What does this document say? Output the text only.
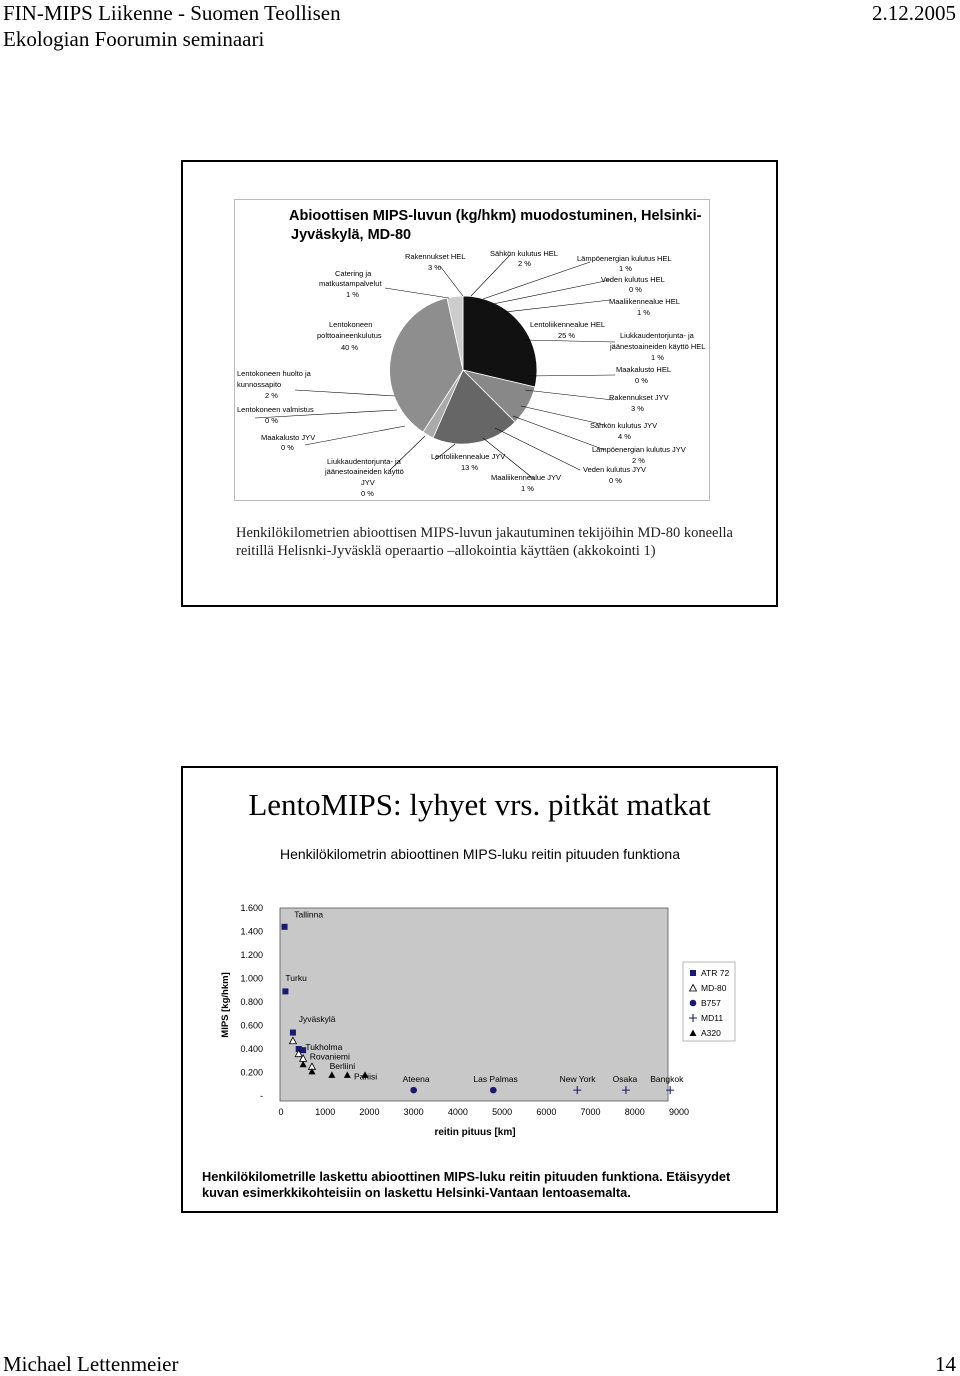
FIN-MIPS Liikenne - Suomen Teollisen
Ekologian Foorumin seminaari
2.12.2005
Abioottisen MIPS-luvun (kg/hkm) muodostuminen, Helsinki-
Jyväskylä, MD-80
Catering ja
matkustampalvelut
1 %
Rakennukset HEL
3 %
Sähkön kulutus HEL
2 %
Lämpöenergian kulutus HEL
1 %
Veden kulutus HEL
0 %
Maaliikennealue HEL
1 %
Lentokoneen
polttoaineenkulutus
40 %
Lentoliikennealue HEL
25 %	Liukkaudentorjunta- ja
jäänestoaineiden käyttö HEL
1 %
Lentokoneen huolto ja
kunnossapito
2 %
Lentokoneen valmistus
0 %
Maakalusto HEL
0 %
Rakennukset JYV
3 %
Maakalusto JYV
0 %
Sähkön kulutus JYV
4 %
Lämpöenergian kulutus JYV
2 %
Liukkaudentorjunta- ja
jäänestoaineiden käyttö
JYV
0 %
Lentoliikennealue JYV
13 %
Maaliikennealue JYV
1 %
Veden kulutus JYV
0 %
Henkilökilometrien abioottisen MIPS-luvun jakautuminen tekijöihin MD-80 koneella
reitillä Helisnki-Jyväsklä operaartio –allokointia käyttäen (akkokointi 1)
LentoMIPS: lyhyet vrs. pitkät matkat
Henkilökilometrin abioottinen MIPS-luku reitin pituuden funktiona
-
0.200
0.400
0.600
0.800
1.000
1.200
1.400
1.600
0	1000	2000	3000	4000	5000	6000	7000	8000	9000
Tallinna
Turku
Jyväskylä
Tukholma
Rovaniemi
Berliini
Pariisi	Ateena	Las Palmas	New York Osaka Bangkok
MIPS [kg/hkm]
reitin pituus [km]
ATR 72
MD-80
B757
MD11
A320
Henkilökilometrille laskettu abioottinen MIPS-luku reitin pituuden funktiona. Etäisyydet
kuvan esimerkkikohteisiin on laskettu Helsinki-Vantaan lentoasemalta.
Michael Lettenmeier	14
